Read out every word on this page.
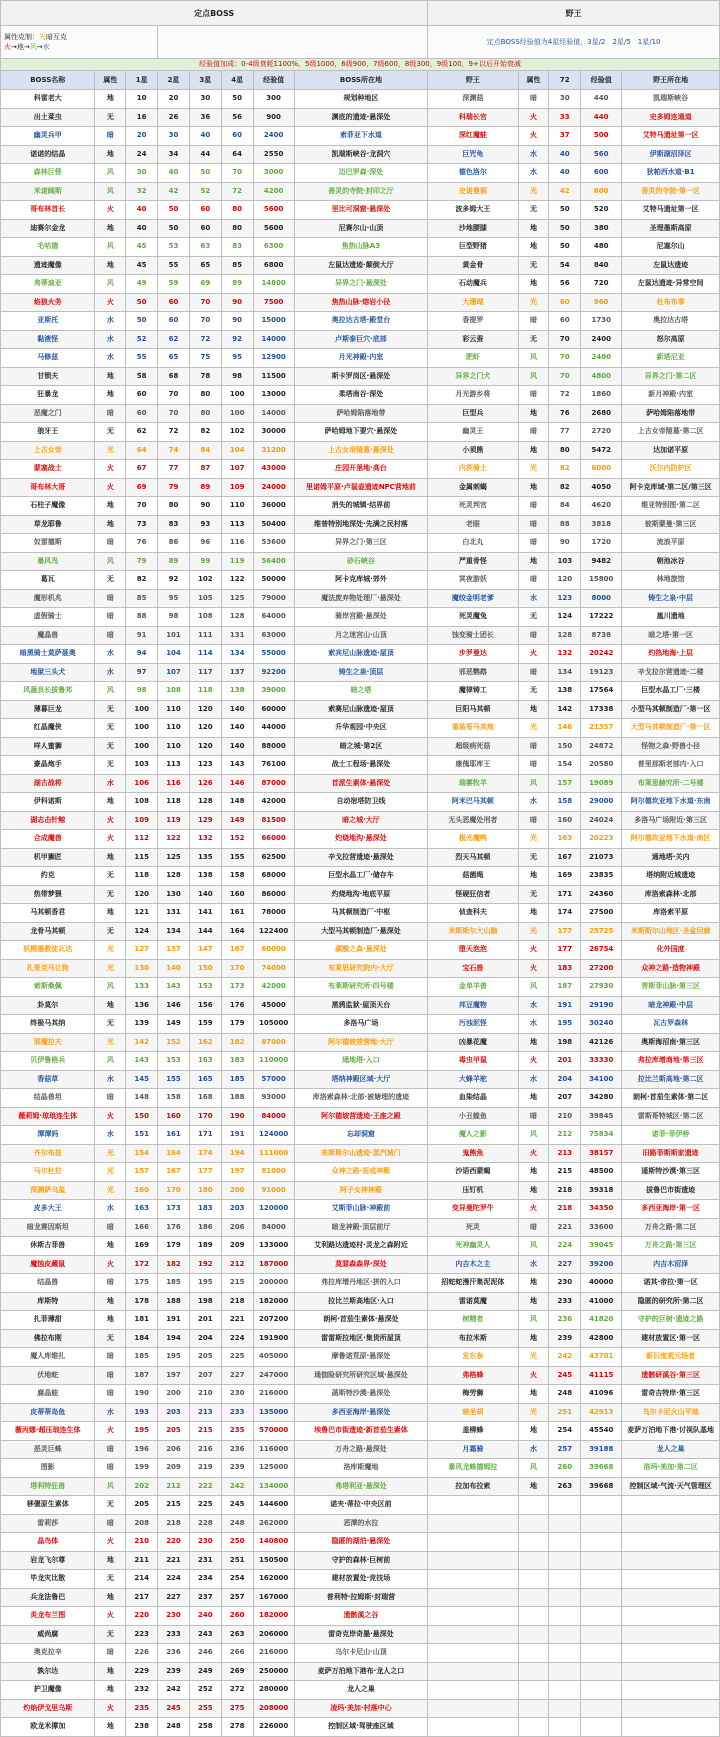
定点BOSS								野王				

属性克制：光暗互克
火→地→风→水								定点BOSS经验值为4星经验值，3星/2　2星/5　1星/10				
经验值加成：0-4级衰耗1100%，5级1000，6级900，7级600，8级300，9级100，9+以后开始衰减												
BOSS名称	属性	1星	2星	3星	4星	经验值	BOSS所在地	野王	属性	72	经验值	野王所在地
科雷老大	地	10	20	30	50	300	规划种地区	深渊菇	暗	30	440	凯瑞斯峡谷
出土菜虫	无	16	26	36	56	900	渊底的遗迹·悬深处	科瑞长官	火	33	440	史多姆连通道
幽灵兵甲	暗	20	30	40	60	2400	索菲亚下水道	深红魔蛙	火	37	500	艾特马遗址第一区
诺诺的结晶	地	24	34	44	64	2550	凯瑞斯峡谷·龙洞穴	巨咒龟	水	40	560	伊斯湖沼泽区
森林巨怪	风	30	40	50	70	3000	迈巴罗森·深处	德色洛尔	水	40	600	狄帕西水道·B1
米诺阔斯	风	32	42	52	72	4200	善灵的寺院·封印之厅	史诺曼洞	光	42	600	善灵的寺院·第一区
哥布林首长	火	40	50	60	80	5600	里比可洞窟·悬深处	波多姆大王	无	50	520	艾特马遗址第一区
迪赛尔金龙	地	40	50	60	80	5600	尼赛尔山·山顶	沙地腰膝	地	50	380	圣理墨斯高原
毛咕德	风	45	53	63	83	6300	焦热山脉A3	巨型野猪	地	50	480	尼塞尔山
遗迹魔像	地	45	55	65	85	6800	左鼠达遗迹·颠倒大厅	黄金骨	无	54	840	左鼠达遗迹
弗蒂迪亚	风	49	59	69	89	14800	异界之门·悬深处	石动魔兵	地	56	720	左鼠达遗迹·异常空间
焰狼火务	火	50	60	70	90	7500	焦热山脉·熔岩小径	大珊瑚	光	60	960	杜布布事
亚斯托	水	50	60	70	90	15000	奥拉达古塔·殿堂台	香提罗	暗	60	1730	奥拉达古塔
黏液怪	水	52	62	72	92	14000	卢斯泰巨穴·底部	彩云蚕	无	70	2400	怒尔高原
马修兹	水	55	65	75	95	12900	月光神殿·内室	肥虾	风	70	2400	新塔尼亚
甘锁夫	地	58	68	78	98	11500	斯卡罗岗区·悬深处	异界之门犬	风	70	4800	异界之门·第二区
狂暴龙	地	60	70	80	100	13000	柔塔南谷·深处	月光游乡将	暗	72	1860	新月神殿·内室
恶魔之门	暗	60	70	80	100	14000	萨哈姆陷落地带	巨型兵	地	76	2680	萨哈姆陷落地带
狼牙王	无	62	72	82	102	30000	萨哈姆地下要穴·悬深处	幽灵王	暗	77	2720	上古女帝陵墓·第二区
上古女帝	光	64	74	84	104	31200	上古女帝陵墓·悬深处	小须熊	地	80	5472	达加诺平原
蒙塞战士	火	67	77	87	107	43000	庄园开垦地·高台	内茨骑士	光	82	6000	沃尔内防护区
哥布林大哥	火	69	79	89	109	24000	里诺姆平原·卢鼠壶遗迹NPC营地前	金属刺蝎	地	82	4050	阿卡克库域·第二区/第三区
石柱子魔像	地	70	80	90	110	36000	消失的城镇·结界前	死灵判官	暗	84	4620	维亚特别图·第二区
草龙耶鲁	地	73	83	93	113	50400	维普特别地深处·先满之民村落	老眼	暗	88	3818	彼斯蒙曼·第三区
奴雷德斯	暗	76	86	96	116	53600	异界之门·第三区	白北丸	暗	90	1720	流浪平原
暴风鸟	风	79	89	99	119	56400	砂石峡谷	严重骨怪	地	103	9482	朝池冰谷
葛瓦	无	82	92	102	122	50000	阿卡克库城·郊外	冥夜游妖	暗	120	15800	林地旅馆
魔形机兆	暗	85	95	105	125	79000	魔法废弃物处理厂·悬深处	魔绞金明老爹	水	123	8000	铸生之泉·中层
虚假骑士	暗	88	98	108	128	64000	骑岸宫殿·悬深处	死灵魔兔	无	124	17222	嵐川遗地
魔晶兽	暗	91	101	111	131	63000	月之迷宫山·山顶	蚀变骑士团长	暗	128	8738	暗之塔·第一区
暗黑骑士莫萨聂奥	水	94	104	114	134	55000	索宾尼山脉遗迹·屋顶	步罗曼达	火	132	20242	灼热地海·上层
地狱三头犬	水	97	107	117	137	92200	铸生之泉·顶层	邪恶鹦鹉	暗	134	19123	辛戈拉尔营遗迹·二楼
风蔬良长拔鲁邦	风	98	108	118	138	39000	暗之塔	魔律铸工	无	138	17564	巨型水晶工厂·三楼
薄暮巨龙	无	100	110	120	140	60000	索赛尼山脉遗迹·屋顶	巨阳马其顿	地	142	17338	小型马其顿制造厂·第一区
红晶魔侠	无	100	110	120	140	44000	升华观园·中央区	重装哥马其炮	光	146	21357	大型马其顿制造厂·第一区
咩人蜜狮	无	100	110	120	140	88000	暗之城·第2区	超级病死菇	暗	150	24872	怪物之森·野兽小径
豪晶炮手	无	103	113	123	143	76100	战士工程场·悬深处	康傀耶库王	暗	154	20580	普里那斯老部内·入口
湖古战将	水	106	116	126	146	87000	首派生素体·悬深处	瑞雾牧羊	风	157	19089	布莱思赫究所·二号楼
伊科诺斯	地	108	118	128	148	42000	自动宿塔防卫线	阿米巴马其顿	水	158	29000	阿尔德坎亚地下水道·东南
湖志击针鲸	火	109	119	129	149	81500	暗之城·大厅	无头恶魔处刑者	暗	160	24024	多洛马广场附近·第三区
合成魔兽	火	112	122	132	152	66000	灼烧地沟·悬深处	极光魔鸭	光	163	20223	阿尔德坎亚地下水道·南区
机甲狮匠	地	115	125	135	155	62500	辛戈拉营遗迹·悬深处	烈天马其顿	无	167	21073	通地塔·关内
约克	无	118	128	138	158	68000	巨型水晶工厂·储存车	菇菌绳	地	169	23835	塔纳附近城遗迹
热带梦猥	无	120	130	140	160	86000	灼烧地沟·地底平原	怪硬狂信者	无	171	24360	库洛索森林·北部
马其顿香君	地	121	131	141	161	78000	马其顿制造厂·中枢	侦查科夫	地	174	27500	库洛索平原
龙骨马其顿	无	124	134	144	164	122400	大型马其顿制造厂·悬深处	米斯斯尔大山脑	光	177	25725	米斯斯尔山地区·圣盆回廊
妖精墨教徒瓦达	光	127	137	147	167	60000	碳酸之森·悬深处	堕天泡泡	火	177	26754	化外国度
扎哥克马让狗	光	130	140	150	170	74000	布莱思研究院内·大厅	宝石兽	火	183	27200	众神之路·造物神殿
索斯桑佩	风	133	143	153	173	42000	布莱斯研究所·四号楼	金单羊兽	风	187	27930	菩斯菲山脉·第三区
卦莫尔	地	136	146	156	176	45000	黑鸦监狱·屋顶天台	邦豆魔物	水	191	29190	暗龙神殿·中层
终极马其纳	无	139	149	159	179	105000	多洛马广场	污浊泥怪	水	195	30240	瓦古罗森林
邪魔拉夫	光	142	152	162	182	87000	阿尔德坡营营地·大厅	凶暴花魔	地	198	42126	奥斯海沼南·第三区
贝伊鲁格兵	风	143	153	163	183	110000	通地塔·入口	毒虫甲鼠	火	201	33330	弗拉库增商地·第三区
香菇草	水	145	155	165	185	57000	塔纳神殿区域·大厅	大蜂羊驼	水	204	34100	拉比兰斯高地·第二区
结晶兽坦	暗	148	158	168	188	93000	库洛索森林·北部·被塘埋的遗迹	血染结晶	地	207	34280	朗柯·首茄生素体·第二区
薇莉姆·琼琅连生体	火	150	160	170	190	84000	阿尔德坡营遗迹·王座之殿	小丑蝗鱼	暗	210	39845	雷斯哥特城区·第二区
潭潭妈	水	151	161	171	191	124000	忘却洞窟	魔人之影	风	212	75834	诺菲·菲伊桥
齐尔布兹	光	154	164	174	194	111000	来斯斯尔山遗迹·蒸汽城门	鬼熊魚	火	213	38157	旧路菲斯斯家遗迹
马尔杜拉	光	157	167	177	197	81000	众神之路·惩戒神殿	沙语西蒙蝎	地	215	48500	遥斯特沙漠·第三区
深渊萨乌玺	光	160	170	180	200	91000	阿子女神神殿	压钉机	地	218	39318	拔鲁巴市街遗迹
皮多大王	水	163	173	183	203	120000	艾斯菲山脉·神殿前	变异曼陀罗牛	火	218	34350	多西亚海岸·第一区
暗龙赛因斯坦	暗	166	176	186	206	84000	暗龙神殿·顶层前厅	死灵	暗	221	33600	万舟之路·第二区
休斯古菲兽	地	169	179	189	209	133000	艾利路达遗迹村·灵龙之森附近	死神幽灵人	风	224	39045	万舟之路·第三区
魔蚀皮藏鼠	火	172	182	192	212	187000	莫瑟森森界·深处	内吉木之主	水	227	39200	内吉木沼泽
结晶兽	暗	175	185	195	215	200000	弗拉库增丹地区·拼的入口	招蛇蛇漫汗集泥泥体	地	230	40000	诺其·帝拉·第一区
库斯特	地	178	188	198	218	182000	拉比兰斯高地区·入口	雷诺莫魔	地	233	41000	隐匿的研究所·第二区
扎菲薄甜	地	181	191	201	221	207200	朗柯·首茄生素体·悬深处	树精者	风	236	41820	守护的巨树·遗迹之路
佛拉布刚	无	184	194	204	224	191900	雷雷斯拉地区·集货所屋顶	布拉米斯	地	239	42800	建材放置区·第一区
魔人库维扎	暗	185	195	205	225	405000	摩鲁诺荒原·悬深处	发东参	光	242	43701	新旧度观元场者
伏地蛇	暗	187	197	207	227	247000	通伽险研究所研究区域·悬深处	弗格蜂	火	245	41115	遗骸研溪谷·第三区
腐晶蛙	暗	190	200	210	230	216000	菡斯特沙漠·悬深处	梅劳狮	地	248	41096	雷奇吉特岸·第三区
皮蒂蒂岛鱼	水	193	203	213	233	135000	多西亚海岸·悬深处	暗坐胡	光	251	42913	乌尔卡尼火山平地
薇丙娜·超压琅连生体	火	195	205	215	235	570000	埃鲁巴市街遗迹·新首茄生素体	盖柳蜂	地	254	45540	麦萨万泊地下港·讨视队基地
恶灵巨蛛	暗	196	206	216	236	116000	万舟之路·悬深处	月霜骑	水	257	39188	龙人之巢
图影	暗	199	209	219	239	125000	洛库斯魔地	暴风龙蛛德姆拉	风	260	39668	洛玛·美加·第二区
塔利特狂兽	风	202	212	222	242	134000	弗塔利亚·悬深处	拉加布拉索	地	263	39668	控制区域·气流·天气管理区
移偃原生素体	无	205	215	225	245	144600	诺夹·蒂拉·中央区前					
雷莉莎	暗	208	218	228	248	262000	恶潭的水拉					
晶鸟体	火	210	220	230	250	140800	隐匿的湖泊·悬深处					
岩龙飞尔尊	地	211	221	231	251	150500	守护的森林·巨树前					
毕龙灾比散	无	214	224	234	254	162000	建材放置处·竞技场					
兵龙法鲁巴	地	217	227	237	257	167000	普利特·拉姆斯·封瑞营					
炎龙布兰图	火	220	230	240	260	182000	遗骸溪之谷					
威尚腐	无	223	233	243	263	206000	雷奇克岸奇墨·悬深处					
奥克拉辛	暗	226	236	246	266	216000	乌尔卡尼山·山顶					
孰尔达	地	229	239	249	269	250000	麦萨万泊地下港布·龙人之口					
护卫魔像	地	232	242	252	272	280000	龙人之巢					
灼焰伊戈里乌斯	火	235	245	255	275	208000	凌玛·美加·村落中心					
欧龙米撑加	地	238	248	258	278	226000	控制区域·驾驶座区域					
